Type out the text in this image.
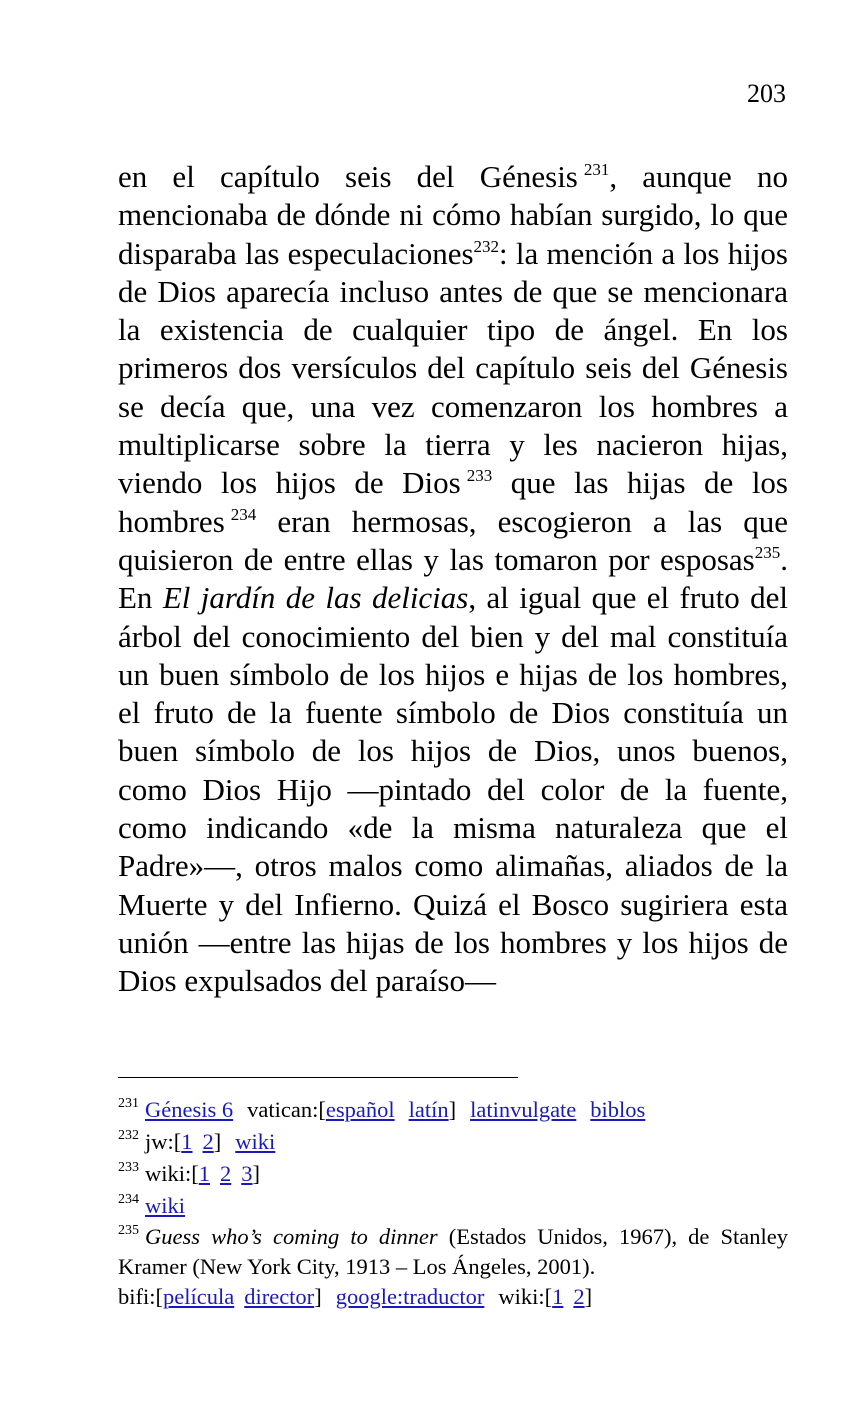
203

en el capítulo seis del Génesis $^{231}$, aunque no mencionaba de dónde ni cómo habían surgido, lo que disparaba las especulaciones$^{232}$: la mención a los hijos de Dios aparecía incluso antes de que se mencionara la existencia de cualquier tipo de ángel. En los primeros dos versículos del capítulo seis del Génesis se decía que, una vez comenzaron los hombres a multiplicarse sobre la tierra y les nacieron hijas, viendo los hijos de Dios $^{233}$ que las hijas de los hombres $^{234}$ eran hermosas, escogieron a las que quisieron de entre ellas y las tomaron por esposas$^{235}$. En El jardín de las delicias, al igual que el fruto del árbol del conocimiento del bien y del mal constituía un buen símbolo de los hijos e hijas de los hombres, el fruto de la fuente símbolo de Dios constituía un buen símbolo de los hijos de Dios, unos buenos, como Dios Hijo ―pintado del color de la fuente, como indicando «de la misma naturaleza que el Padre»―, otros malos como alimañas, aliados de la Muerte y del Infierno. Quizá el Bosco sugiriera esta unión ―entre las hijas de los hombres y los hijos de Dios expulsados del paraíso―

$^{231}$ Génesis 6 vatican:[español latín] latinvulgate biblos

$^{232}$ jw:[1 2] wiki

$^{233}$ wiki:[1 2 3]

$^{234}$ wiki

$^{235}$ Guess who’s coming to dinner (Estados Unidos, 1967), de Stanley Kramer (New York City, 1913 – Los Ángeles, 2001).

bifi:[película director] google:traductor wiki:[1 2]
